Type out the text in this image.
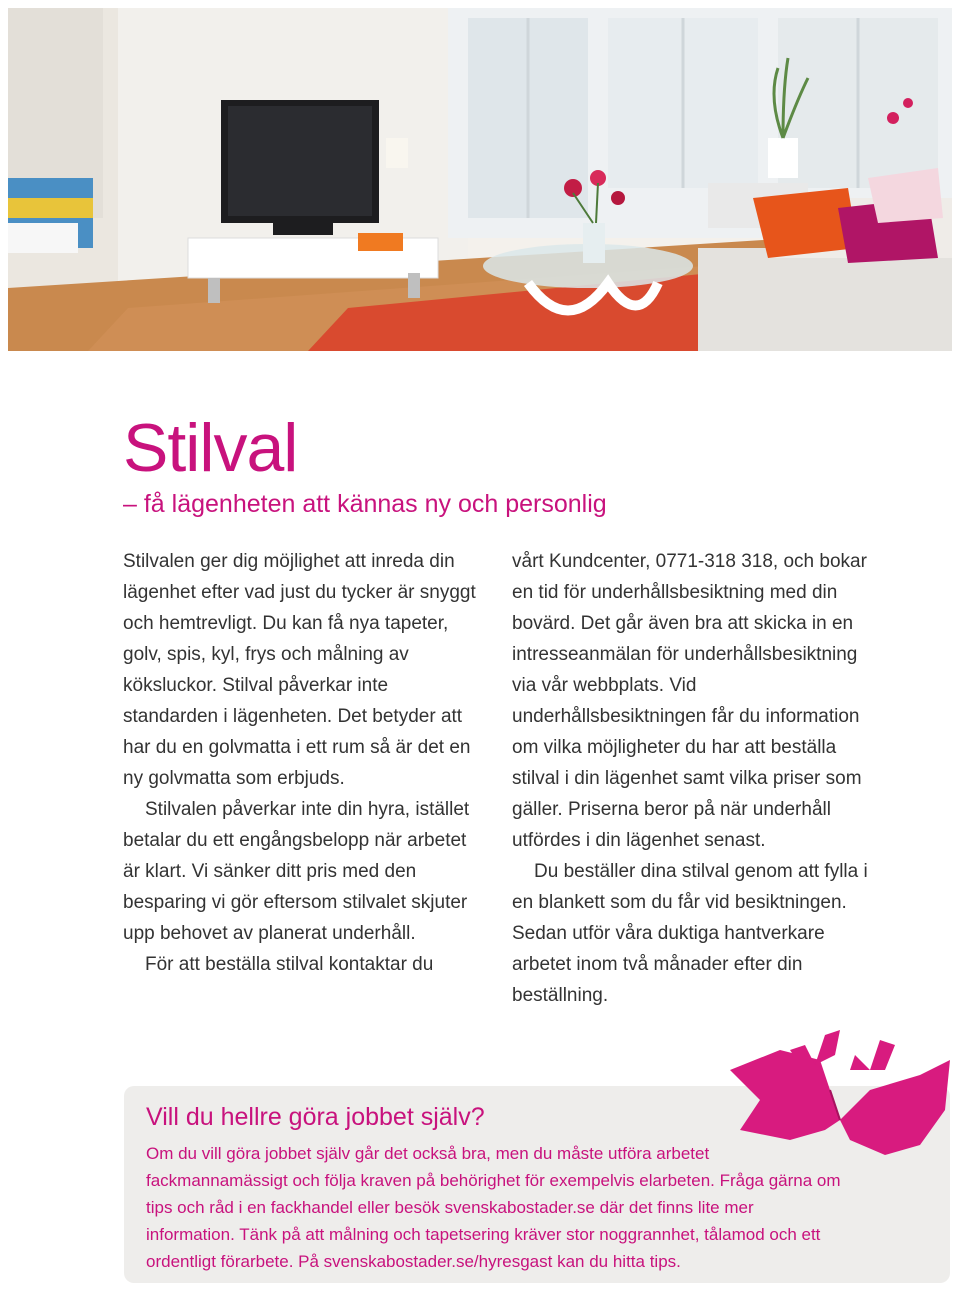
Stilval
– få lägenheten att kännas ny och personlig

Stilvalen ger dig möjlighet att inreda din lägenhet efter vad just du tycker är snyggt och hemtrevligt. Du kan få nya tapeter, golv, spis, kyl, frys och målning av köksluckor. Stilval påverkar inte standarden i lägenheten. Det betyder att har du en golvmatta i ett rum så är det en ny golvmatta som erbjuds.

Stilvalen påverkar inte din hyra, istället betalar du ett engångsbelopp när arbetet är klart. Vi sänker ditt pris med den besparing vi gör eftersom stilvalet skjuter upp behovet av planerat underhåll.

För att beställa stilval kontaktar du

vårt Kundcenter, 0771-318 318, och bokar en tid för underhållsbesiktning med din bovärd. Det går även bra att skicka in en intresseanmälan för underhållsbesiktning via vår webbplats. Vid underhållsbesiktningen får du information om vilka möjligheter du har att beställa stilval i din lägenhet samt vilka priser som gäller. Priserna beror på när underhåll utfördes i din lägenhet senast.

Du beställer dina stilval genom att fylla i en blankett som du får vid besiktningen. Sedan utför våra duktiga hantverkare arbetet inom två månader efter din beställning.

Vill du hellre göra jobbet själv?

Om du vill göra jobbet själv går det också bra, men du måste utföra arbetet fackmannamässigt och följa kraven på behörighet för exempelvis elarbeten. Fråga gärna om tips och råd i en fackhandel eller besök svenskabostader.se där det finns lite mer information. Tänk på att målning och tapetsering kräver stor noggrannhet, tålamod och ett ordentligt förarbete. På svenskabostader.se/hyresgast kan du hitta tips.
